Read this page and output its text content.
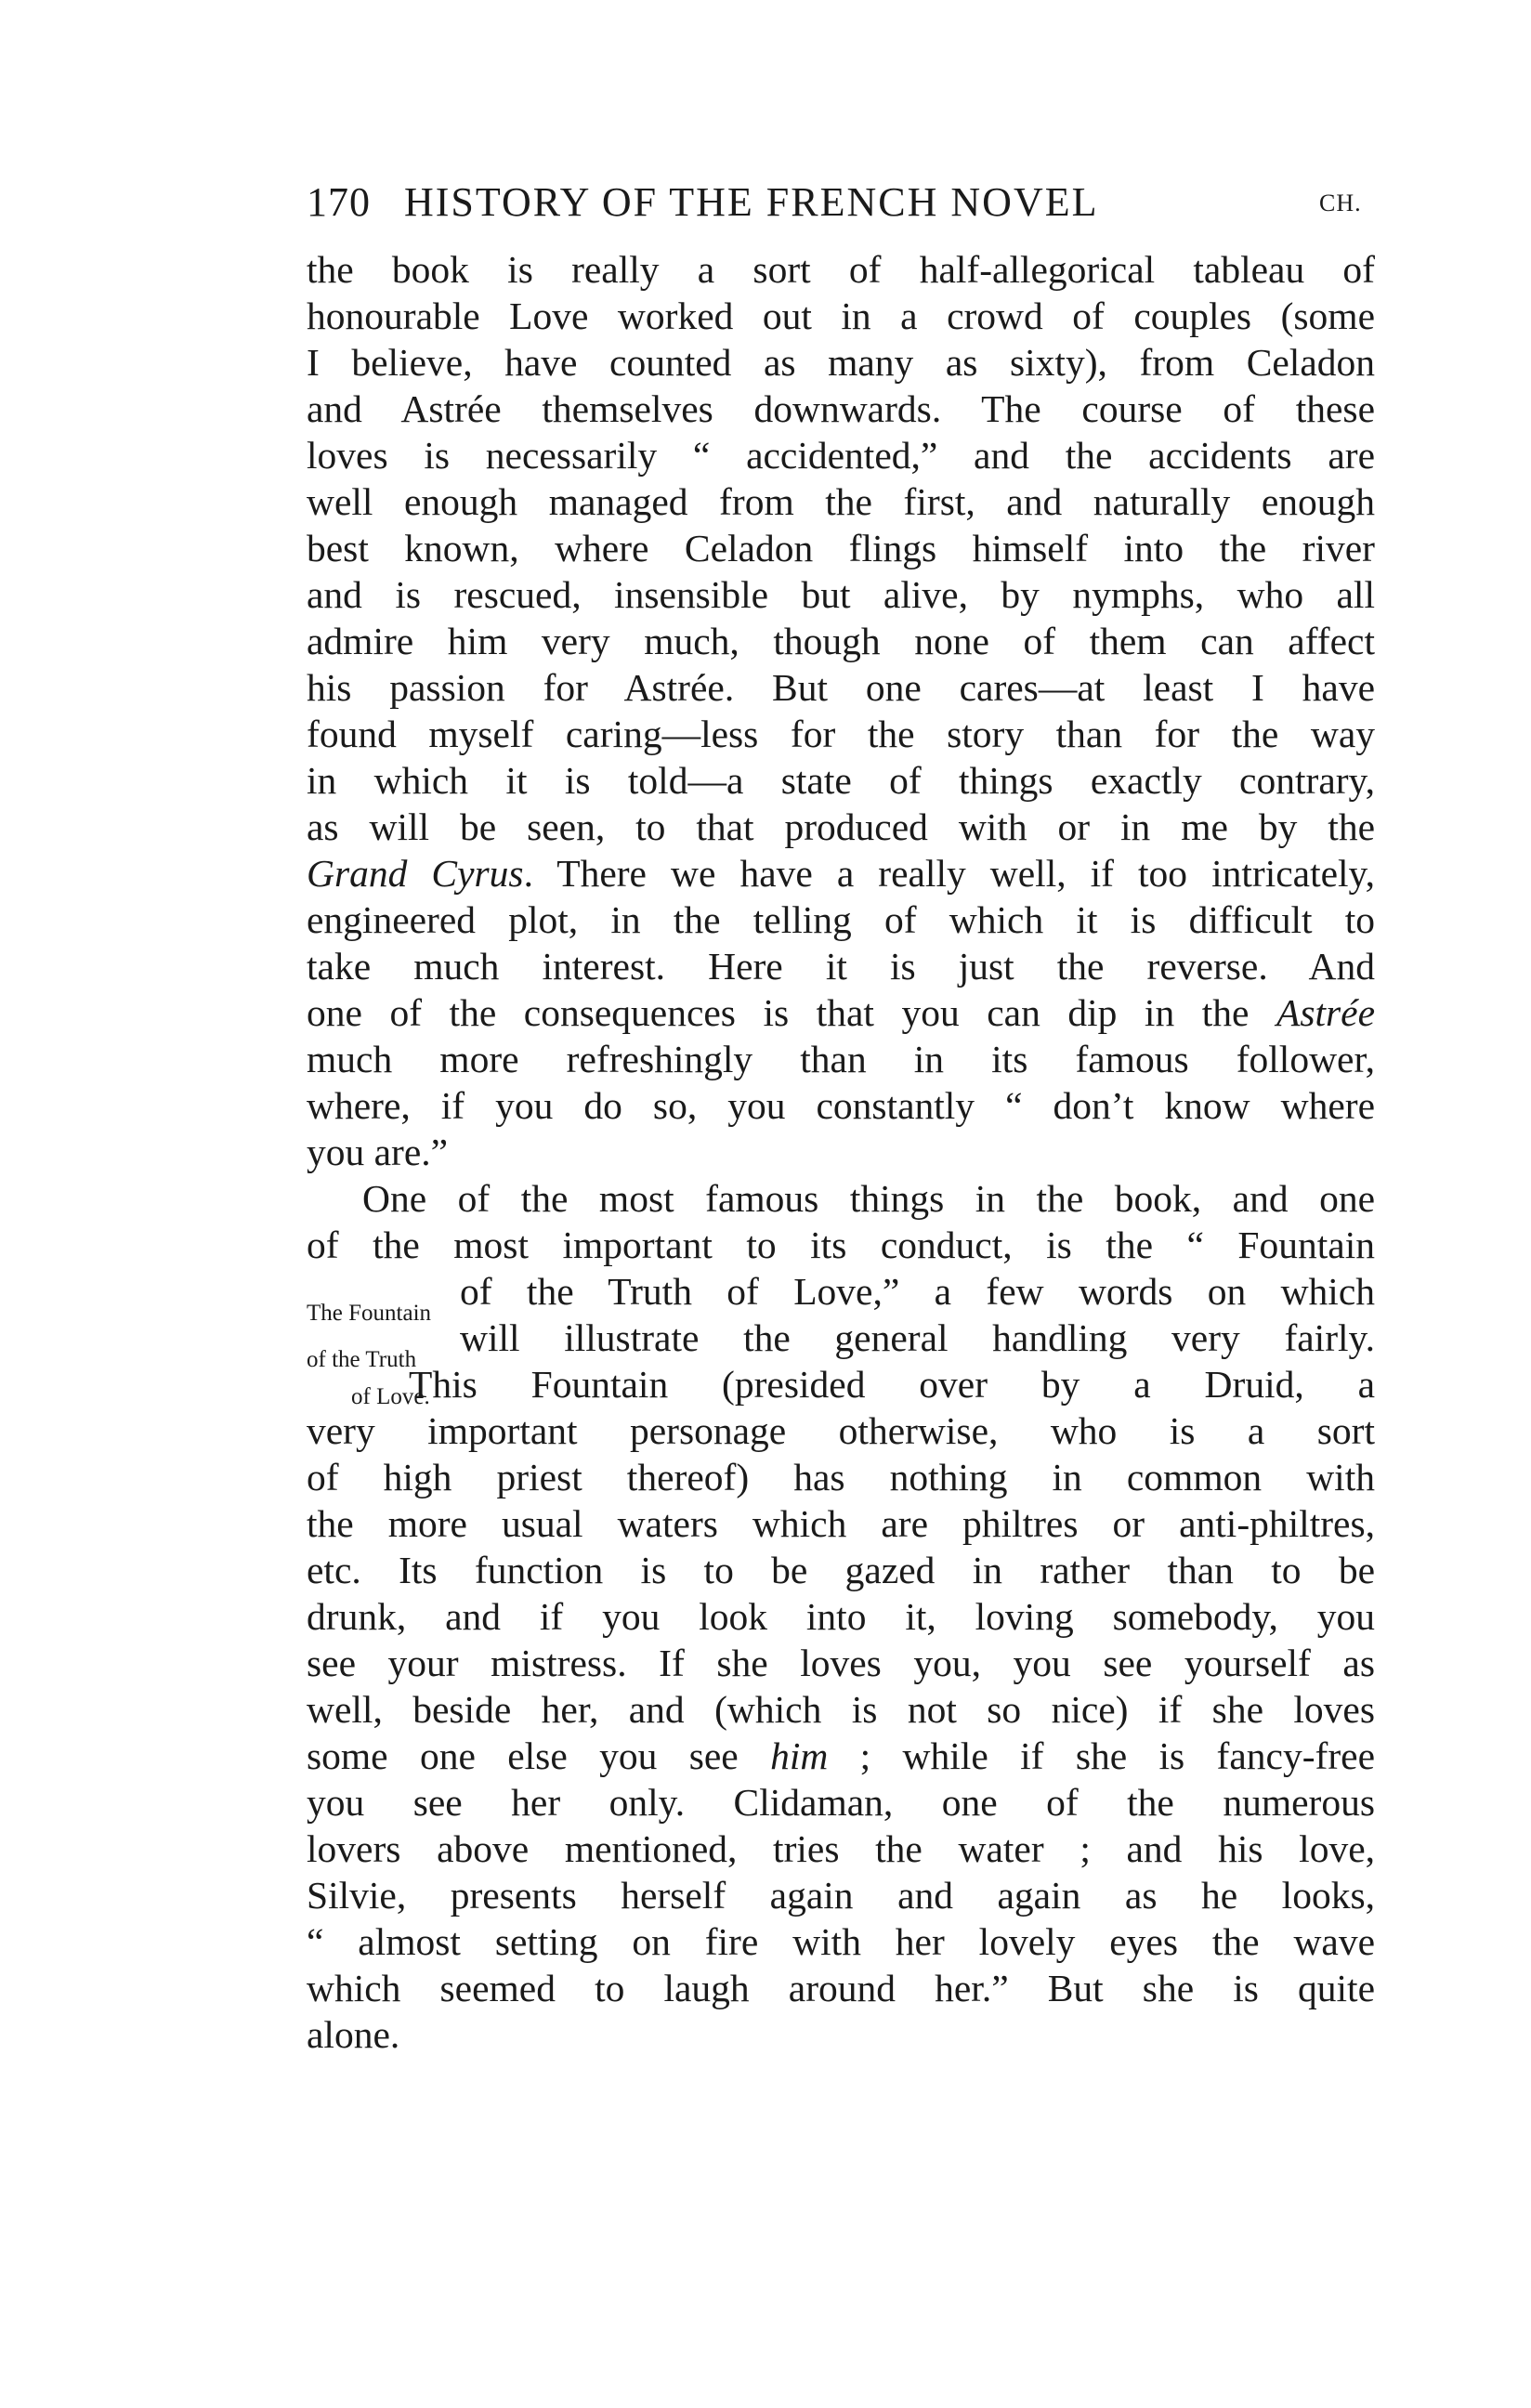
170 HISTORY OF THE FRENCH NOVEL	CH.
The Fountain
of the Truth
of Love.
the book is really a sort of half-allegorical tableau of
honourable Love worked out in a crowd of couples (some
I believe, have counted as many as sixty), from Celadon
and Astrée themselves downwards. The course of these
loves is necessarily “ accidented,” and the accidents are
well enough managed from the first, and naturally enough
best known, where Celadon flings himself into the river
and is rescued, insensible but alive, by nymphs, who all
admire him very much, though none of them can affect
his passion for Astrée. But one cares—at least I have
found myself caring—less for the story than for the way
in which it is told—a state of things exactly contrary,
as will be seen, to that produced with or in me by the
Grand Cyrus. There we have a really well, if too intricately,
engineered plot, in the telling of which it is difficult to
take much interest. Here it is just the reverse. And
one of the consequences is that you can dip in the Astrée
much more refreshingly than in its famous follower,
where, if you do so, you constantly “ don’t know where
you are.”
One of the most famous things in the book, and one
of the most important to its conduct, is the “ Fountain
of the Truth of Love,” a few words on which
will illustrate the general handling very fairly.
This Fountain (presided over by a Druid, a
very important personage otherwise, who is a sort
of high priest thereof) has nothing in common with
the more usual waters which are philtres or anti-philtres,
etc. Its function is to be gazed in rather than to be
drunk, and if you look into it, loving somebody, you
see your mistress. If she loves you, you see yourself as
well, beside her, and (which is not so nice) if she loves
some one else you see him ; while if she is fancy-free
you see her only. Clidaman, one of the numerous
lovers above mentioned, tries the water ; and his love,
Silvie, presents herself again and again as he looks,
“ almost setting on fire with her lovely eyes the wave
which seemed to laugh around her.” But she is quite
alone.
